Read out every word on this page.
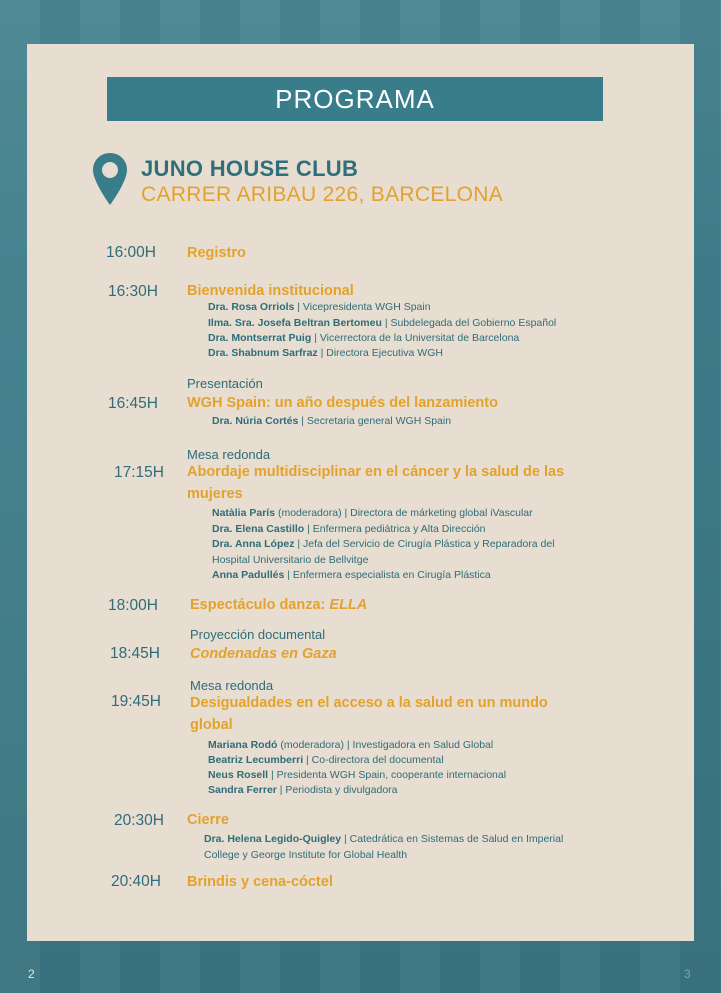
PROGRAMA
JUNO HOUSE CLUB
CARRER ARIBAU 226, BARCELONA
16:00H Registro
16:30H Bienvenida institucional
Dra. Rosa Orriols | Vicepresidenta WGH Spain
Ilma. Sra. Josefa Beltran Bertomeu | Subdelegada del Gobierno Español
Dra. Montserrat Puig | Vicerrectora de la Universitat de Barcelona
Dra. Shabnum Sarfraz | Directora Ejecutiva WGH
Presentación
16:45H WGH Spain: un año después del lanzamiento
Dra. Núria Cortés | Secretaria general WGH Spain
Mesa redonda
17:15H Abordaje multidisciplinar en el cáncer y la salud de las
mujeres
Natàlia París (moderadora) | Directora de márketing global iVascular
Dra. Elena Castillo | Enfermera pediátrica y Alta Dirección
Dra. Anna López | Jefa del Servicio de Cirugía Plástica y Reparadora del
Hospital Universitario de Bellvitge
Anna Padullés | Enfermera especialista en Cirugía Plástica
18:00H Espectáculo danza: ELLA
Proyección documental
18:45H Condenadas en Gaza
Mesa redonda
19:45H Desigualdades en el acceso a la salud en un mundo
global
Mariana Rodó (moderadora) | Investigadora en Salud Global
Beatriz Lecumberri | Co-directora del documental
Neus Rosell | Presidenta WGH Spain, cooperante internacional
Sandra Ferrer | Periodista y divulgadora
20:30H Cierre
Dra. Helena Legido-Quigley | Catedrática en Sistemas de Salud en Imperial
College y George Institute for Global Health
20:40H Brindis y cena-cóctel
2	3
